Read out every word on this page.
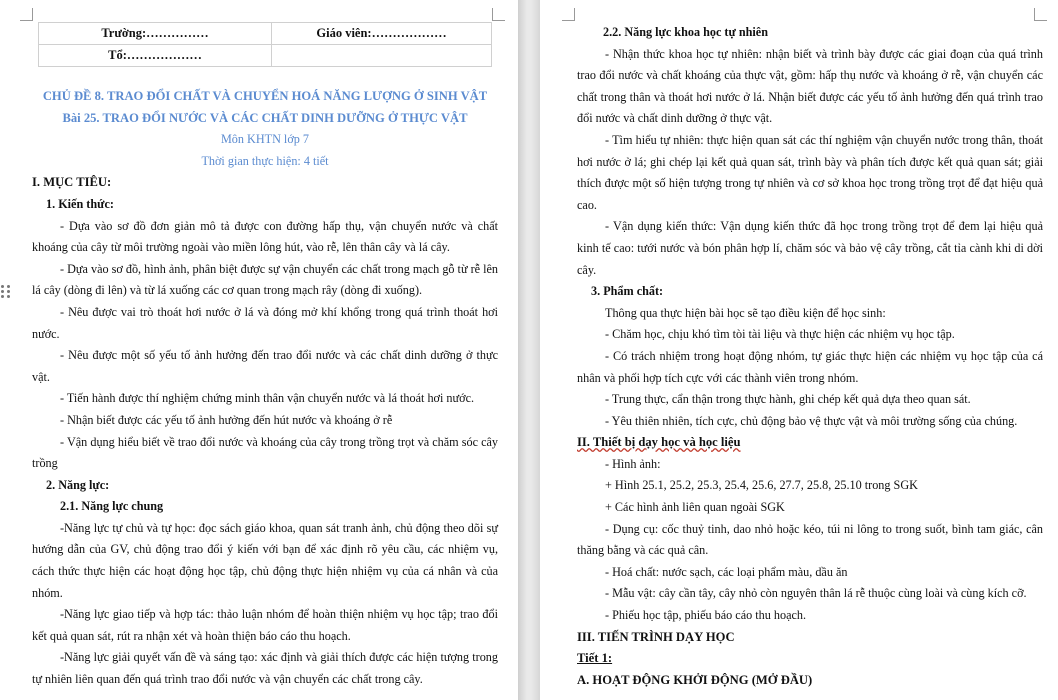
Trường:……………	Giáo viên:………………
Tổ:………………	

CHỦ ĐỀ 8. TRAO ĐỔI CHẤT VÀ CHUYỂN HOÁ NĂNG LƯỢNG Ở SINH VẬT

Bài 25. TRAO ĐỔI NƯỚC VÀ CÁC CHẤT DINH DƯỠNG Ở THỰC VẬT

Môn KHTN lớp 7

Thời gian thực hiện: 4 tiết

I. MỤC TIÊU:

1. Kiến thức:

- Dựa vào sơ đồ đơn giản mô tả được con đường hấp thụ, vận chuyển nước và chất khoáng của cây từ môi trường ngoài vào miền lông hút, vào rễ, lên thân cây và lá cây.

- Dựa vào sơ đồ, hình ảnh, phân biệt được sự vận chuyển các chất trong mạch gỗ từ rễ lên lá cây (dòng đi lên) và từ lá xuống các cơ quan trong mạch rây (dòng đi xuống).

- Nêu được vai trò thoát hơi nước ở lá và đóng mở khí khổng trong quá trình thoát hơi nước.

- Nêu được một số yếu tố ảnh hưởng đến trao đổi nước và các chất dinh dưỡng ở thực vật.

- Tiến hành được thí nghiệm chứng minh thân vận chuyển nước và lá thoát hơi nước.

- Nhận biết được các yếu tố ảnh hưởng đến hút nước và khoáng ở rễ

- Vận dụng hiểu biết về trao đổi nước và khoáng của cây trong trồng trọt và chăm sóc cây trồng

2. Năng lực:

2.1. Năng lực chung

-Năng lực tự chủ và tự học: đọc sách giáo khoa, quan sát tranh ảnh, chủ động theo dõi sự hướng dẫn của GV, chủ động trao đổi ý kiến với bạn để xác định rõ yêu cầu, các nhiệm vụ, cách thức thực hiện các hoạt động học tập, chủ động thực hiện nhiệm vụ của cá nhân và của nhóm.

-Năng lực giao tiếp và hợp tác: thảo luận nhóm để hoàn thiện nhiệm vụ học tập; trao đổi kết quả quan sát, rút ra nhận xét và hoàn thiện báo cáo thu hoạch.

-Năng lực giải quyết vấn đề và sáng tạo: xác định và giải thích được các hiện tượng trong tự nhiên liên quan đến quá trình trao đổi nước và vận chuyển các chất trong cây.

2.2. Năng lực khoa học tự nhiên

- Nhận thức khoa học tự nhiên: nhận biết và trình bày được các giai đoạn của quá trình trao đổi nước và chất khoáng của thực vật, gồm: hấp thụ nước và khoáng ở rễ, vận chuyển các chất trong thân và thoát hơi nước ở lá. Nhận biết được các yếu tố ảnh hưởng đến quá trình trao đổi nước và chất dinh dưỡng ở thực vật.

- Tìm hiểu tự nhiên: thực hiện quan sát các thí nghiệm vận chuyển nước trong thân, thoát hơi nước ở lá; ghi chép lại kết quả quan sát, trình bày và phân tích được kết quả quan sát; giải thích được một số hiện tượng trong tự nhiên và cơ sở khoa học trong trồng trọt để đạt hiệu quả cao.

- Vận dụng kiến thức: Vận dụng kiến thức đã học trong trồng trọt để đem lại hiệu quả kinh tế cao: tưới nước và bón phân hợp lí, chăm sóc và bảo vệ cây trồng, cắt tỉa cành khi di dời cây.

3. Phẩm chất:

Thông qua thực hiện bài học sẽ tạo điều kiện để học sinh:

- Chăm học, chịu khó tìm tòi tài liệu và thực hiện các nhiệm vụ học tập.

- Có trách nhiệm trong hoạt động nhóm, tự giác thực hiện các nhiệm vụ học tập của cá nhân và phối hợp tích cực với các thành viên trong nhóm.

- Trung thực, cẩn thận trong thực hành, ghi chép kết quả dựa theo quan sát.

- Yêu thiên nhiên, tích cực, chủ động bảo vệ thực vật và môi trường sống của chúng.

II. Thiết bị dạy học và học liệu

- Hình ảnh:

+ Hình 25.1, 25.2, 25.3, 25.4, 25.6, 27.7, 25.8, 25.10 trong SGK

+ Các hình ảnh liên quan ngoài SGK

- Dụng cụ: cốc thuỷ tinh, dao nhỏ hoặc kéo, túi ni lông to trong suốt, bình tam giác, cân thăng bằng và các quả cân.

- Hoá chất: nước sạch, các loại phẩm màu, dầu ăn

- Mẫu vật: cây cần tây, cây nhỏ còn nguyên thân lá rễ thuộc cùng loài và cùng kích cỡ.

- Phiếu học tập, phiếu báo cáo thu hoạch.

III. TIẾN TRÌNH DẠY HỌC

Tiết 1:

A. HOẠT ĐỘNG KHỞI ĐỘNG (MỞ ĐẦU)
